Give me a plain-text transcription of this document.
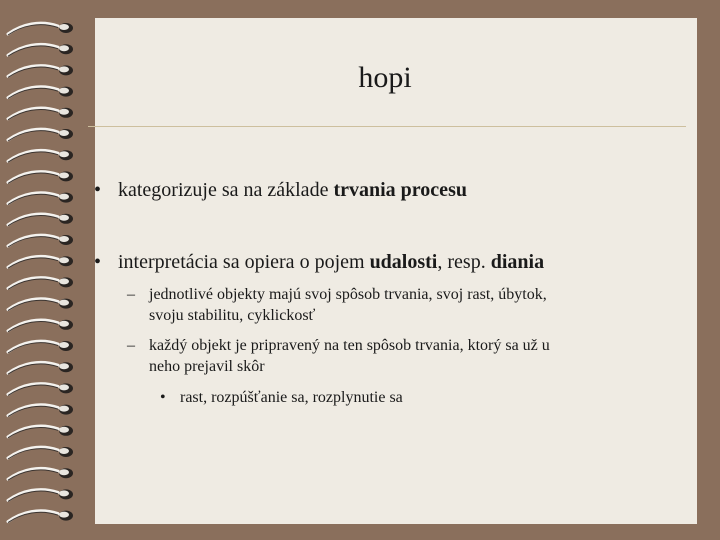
hopi
• kategorizuje sa na základe trvania procesu
• interpretácia sa opiera o pojem udalosti, resp. diania
– jednotlivé objekty majú svoj spôsob trvania, svoj rast, úbytok,
svoju stabilitu, cyklickosť
– každý objekt je pripravený na ten spôsob trvania, ktorý sa už u
neho prejavil skôr
• rast, rozpúšťanie sa, rozplynutie sa
